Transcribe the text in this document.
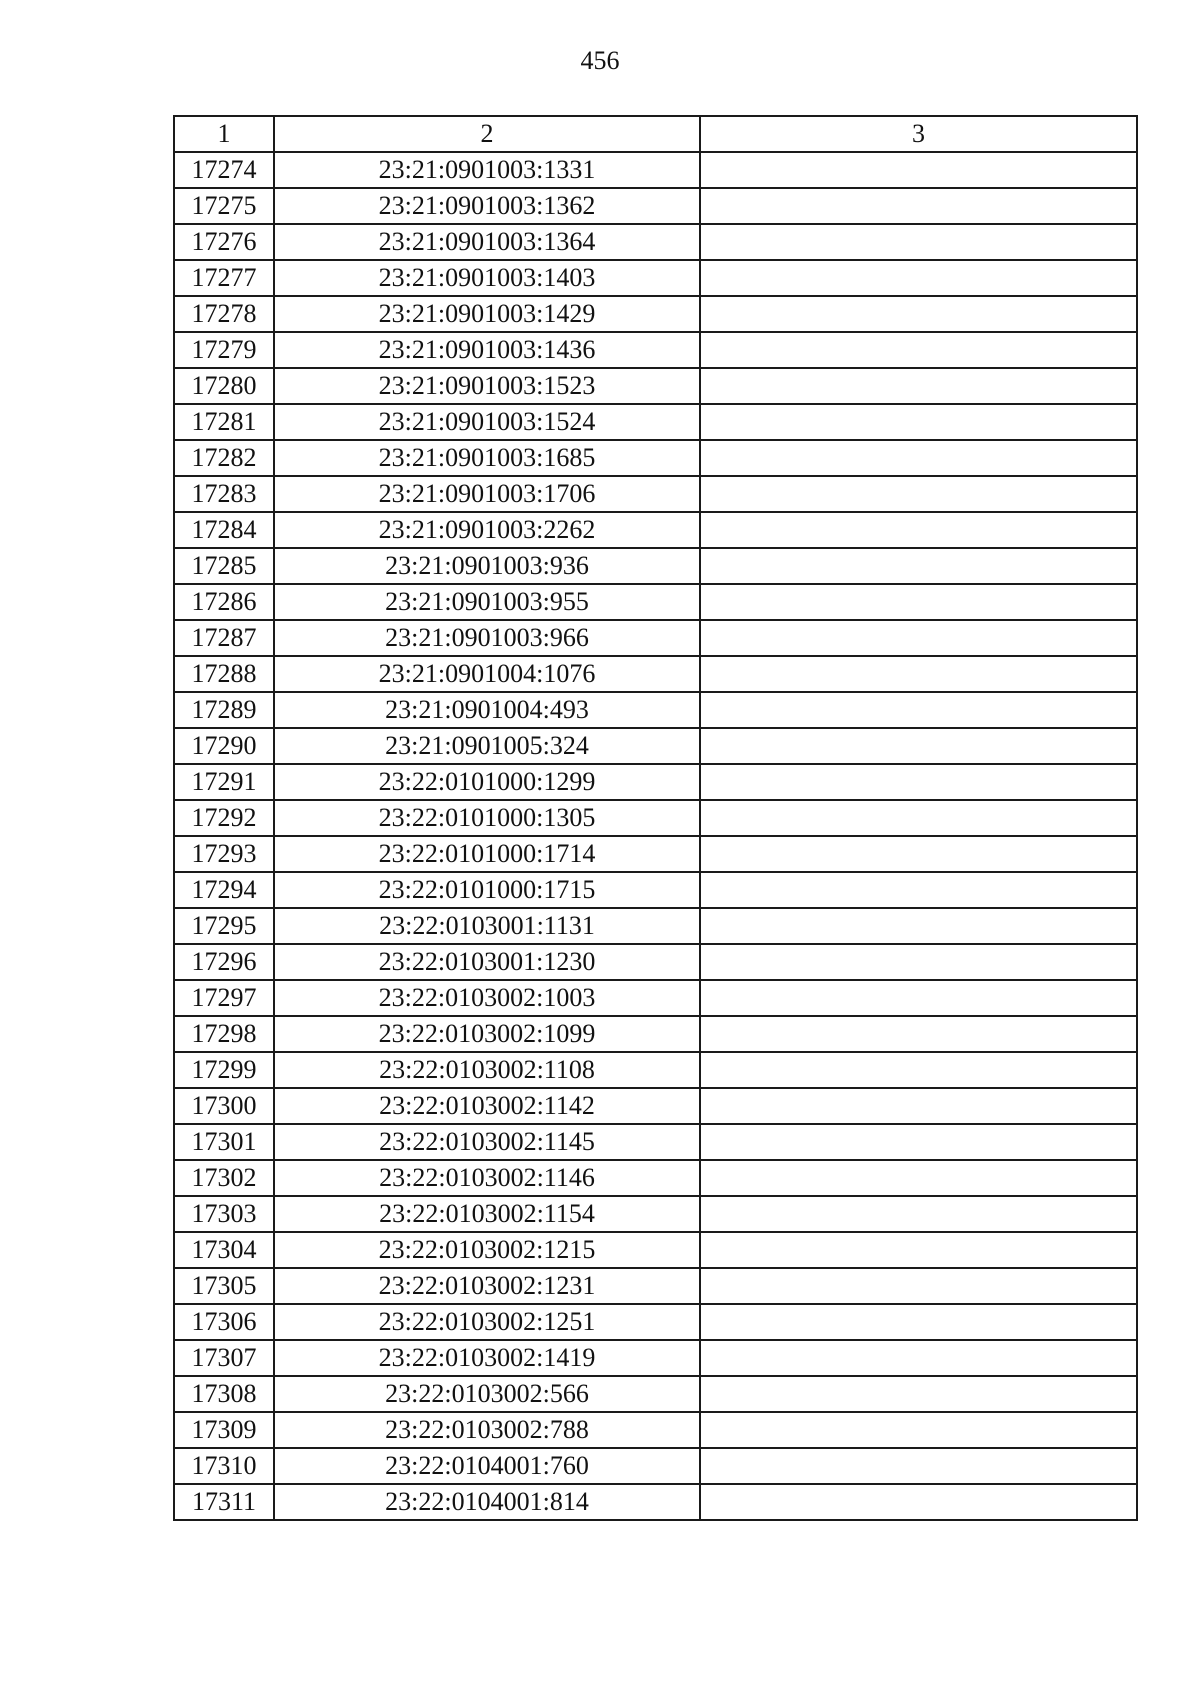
456
1	2	3
17274	23:21:0901003:1331	
17275	23:21:0901003:1362	
17276	23:21:0901003:1364	
17277	23:21:0901003:1403	
17278	23:21:0901003:1429	
17279	23:21:0901003:1436	
17280	23:21:0901003:1523	
17281	23:21:0901003:1524	
17282	23:21:0901003:1685	
17283	23:21:0901003:1706	
17284	23:21:0901003:2262	
17285	23:21:0901003:936	
17286	23:21:0901003:955	
17287	23:21:0901003:966	
17288	23:21:0901004:1076	
17289	23:21:0901004:493	
17290	23:21:0901005:324	
17291	23:22:0101000:1299	
17292	23:22:0101000:1305	
17293	23:22:0101000:1714	
17294	23:22:0101000:1715	
17295	23:22:0103001:1131	
17296	23:22:0103001:1230	
17297	23:22:0103002:1003	
17298	23:22:0103002:1099	
17299	23:22:0103002:1108	
17300	23:22:0103002:1142	
17301	23:22:0103002:1145	
17302	23:22:0103002:1146	
17303	23:22:0103002:1154	
17304	23:22:0103002:1215	
17305	23:22:0103002:1231	
17306	23:22:0103002:1251	
17307	23:22:0103002:1419	
17308	23:22:0103002:566	
17309	23:22:0103002:788	
17310	23:22:0104001:760	
17311	23:22:0104001:814	
